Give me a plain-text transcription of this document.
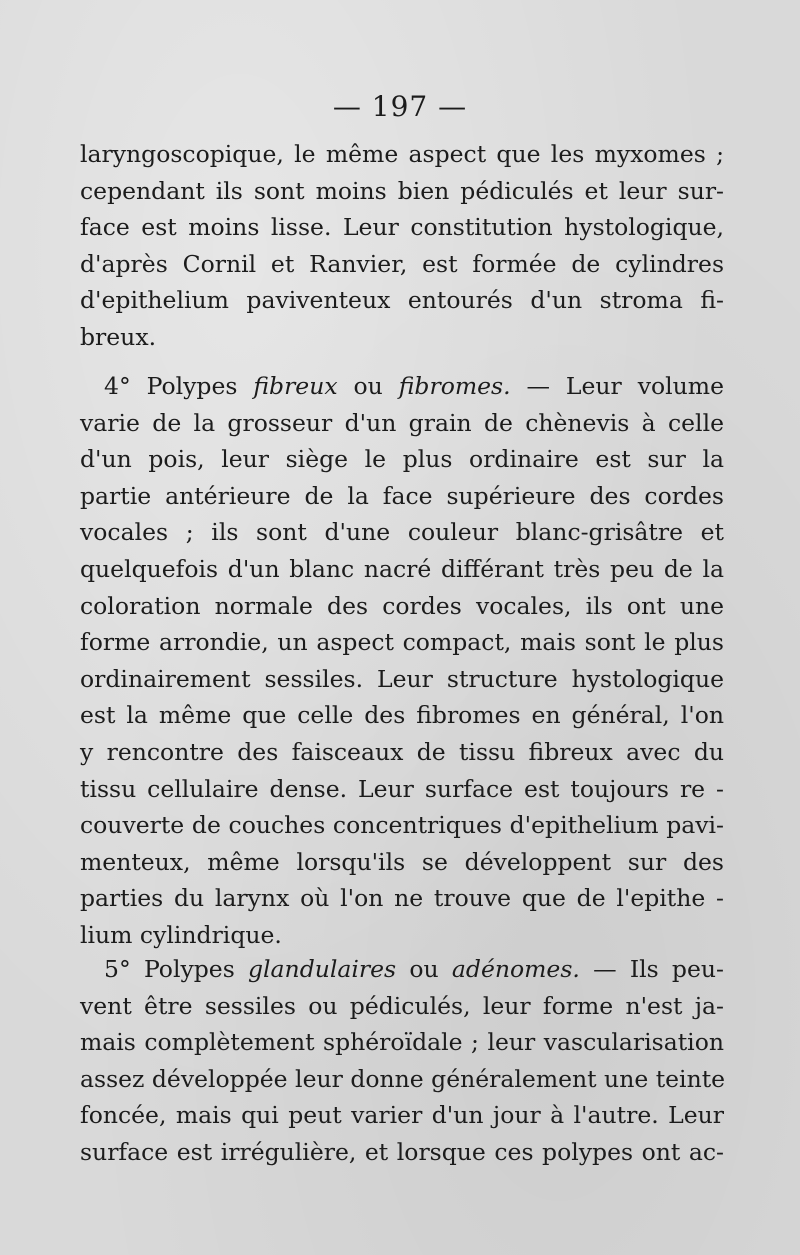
— 197 —
laryngoscopique, le même aspect que les myxomes ;
cependant ils sont moins bien pédiculés et leur sur-
face est moins lisse. Leur constitution hystologique,
d'après Cornil et Ranvier, est formée de cylindres
d'epithelium paviventeux entourés d'un stroma fi-
breux.
4° Polypes fibreux ou fibromes. — Leur volume
varie de la grosseur d'un grain de chènevis à celle
d'un pois, leur siège le plus ordinaire est sur la
partie antérieure de la face supérieure des cordes
vocales ; ils sont d'une couleur blanc-grisâtre et
quelquefois d'un blanc nacré différant très peu de la
coloration normale des cordes vocales, ils ont une
forme arrondie, un aspect compact, mais sont le plus
ordinairement sessiles. Leur structure hystologique
est la même que celle des fibromes en général, l'on
y rencontre des faisceaux de tissu fibreux avec du
tissu cellulaire dense. Leur surface est toujours re -
couverte de couches concentriques d'epithelium pavi-
menteux, même lorsqu'ils se développent sur des
parties du larynx où l'on ne trouve que de l'epithe -
lium cylindrique.
5° Polypes glandulaires ou adénomes. — Ils peu-
vent être sessiles ou pédiculés, leur forme n'est ja-
mais complètement sphéroïdale ; leur vascularisation
assez développée leur donne généralement une teinte
foncée, mais qui peut varier d'un jour à l'autre. Leur
surface est irrégulière, et lorsque ces polypes ont ac-
